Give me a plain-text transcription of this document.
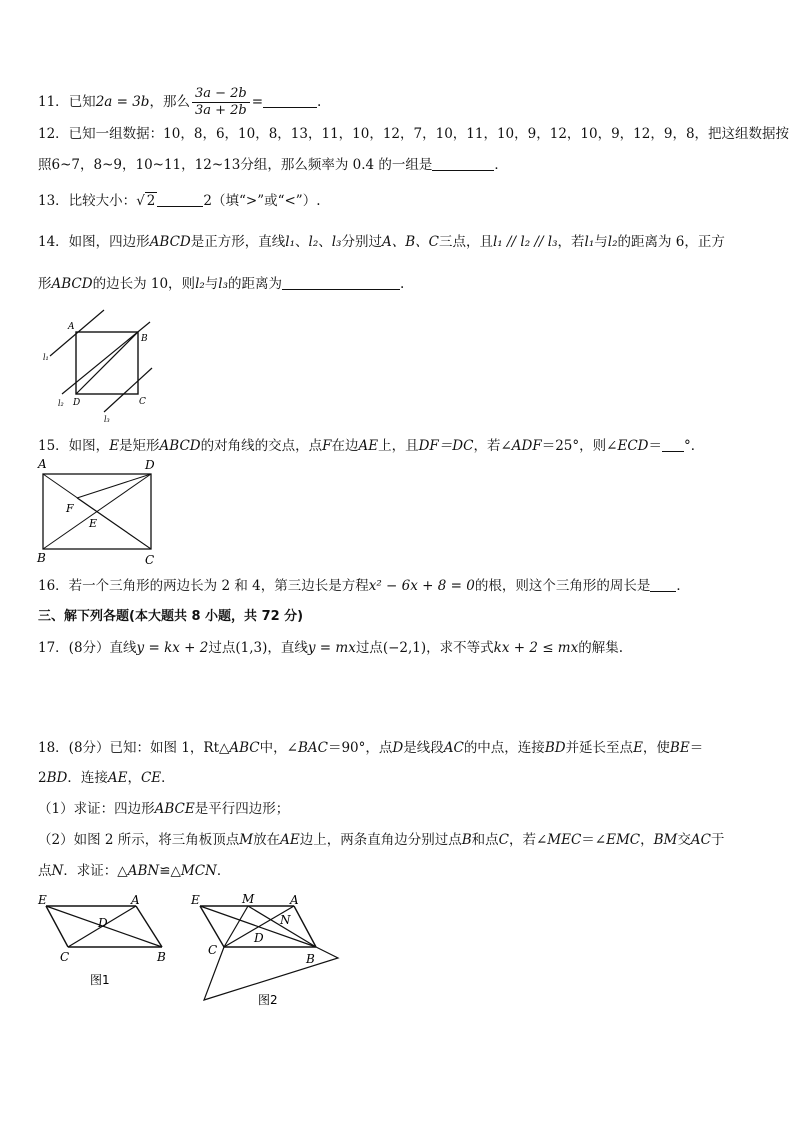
11．已知2a = 3b，那么 $\frac{3a - 2b}{3a + 2b}$ =	.
12．已知一组数据：10，8，6，10，8，13，11，10，12，7，10，11，10，9，12，10，9，12，9，8，把这组数据按
照6~7，8~9，10~11，12~13分组，那么频率为 0.4 的一组是	．
13．比较大小：√ 2	2（填“>”或“<”）.
14．如图，四边形ABCD是正方形，直线l₁、l₂、l₃分别过A、B、C三点，且l₁ // l₂ // l₃，若l₁与l₂的距离为 6，正方
形ABCD的边长为 10，则l₂与l₃的距离为	.
A
B
C
D
l₁
l₂
l₃
15．如图，E是矩形ABCD的对角线的交点，点F在边AE上，且DF＝DC，若∠ADF＝25°，则∠ECD＝ °．
A	D
B	C
F
E
16．若一个三角形的两边长为 2 和 4，第三边长是方程x² − 6x + 8 = 0的根，则这个三角形的周长是 ．
三、解下列各题(本大题共 8 小题，共 72 分)
17．(8分）直线y = kx + 2过点(1,3)，直线y = mx过点(−2,1)，求不等式kx + 2 ≤ mx的解集.
18．(8分）已知：如图 1，Rt△ABC中，∠BAC＝90°，点D是线段AC的中点，连接BD并延长至点E，使BE＝
2BD．连接AE，CE．
（1）求证：四边形ABCE是平行四边形；
（2）如图 2 所示，将三角板顶点M放在AE边上，两条直角边分别过点B和点C，若∠MEC＝∠EMC，BM交AC于
点N．求证：△ABN≌△MCN．
E	A
D
C	B
图1
E	M	A
N
D
C
B
图2
